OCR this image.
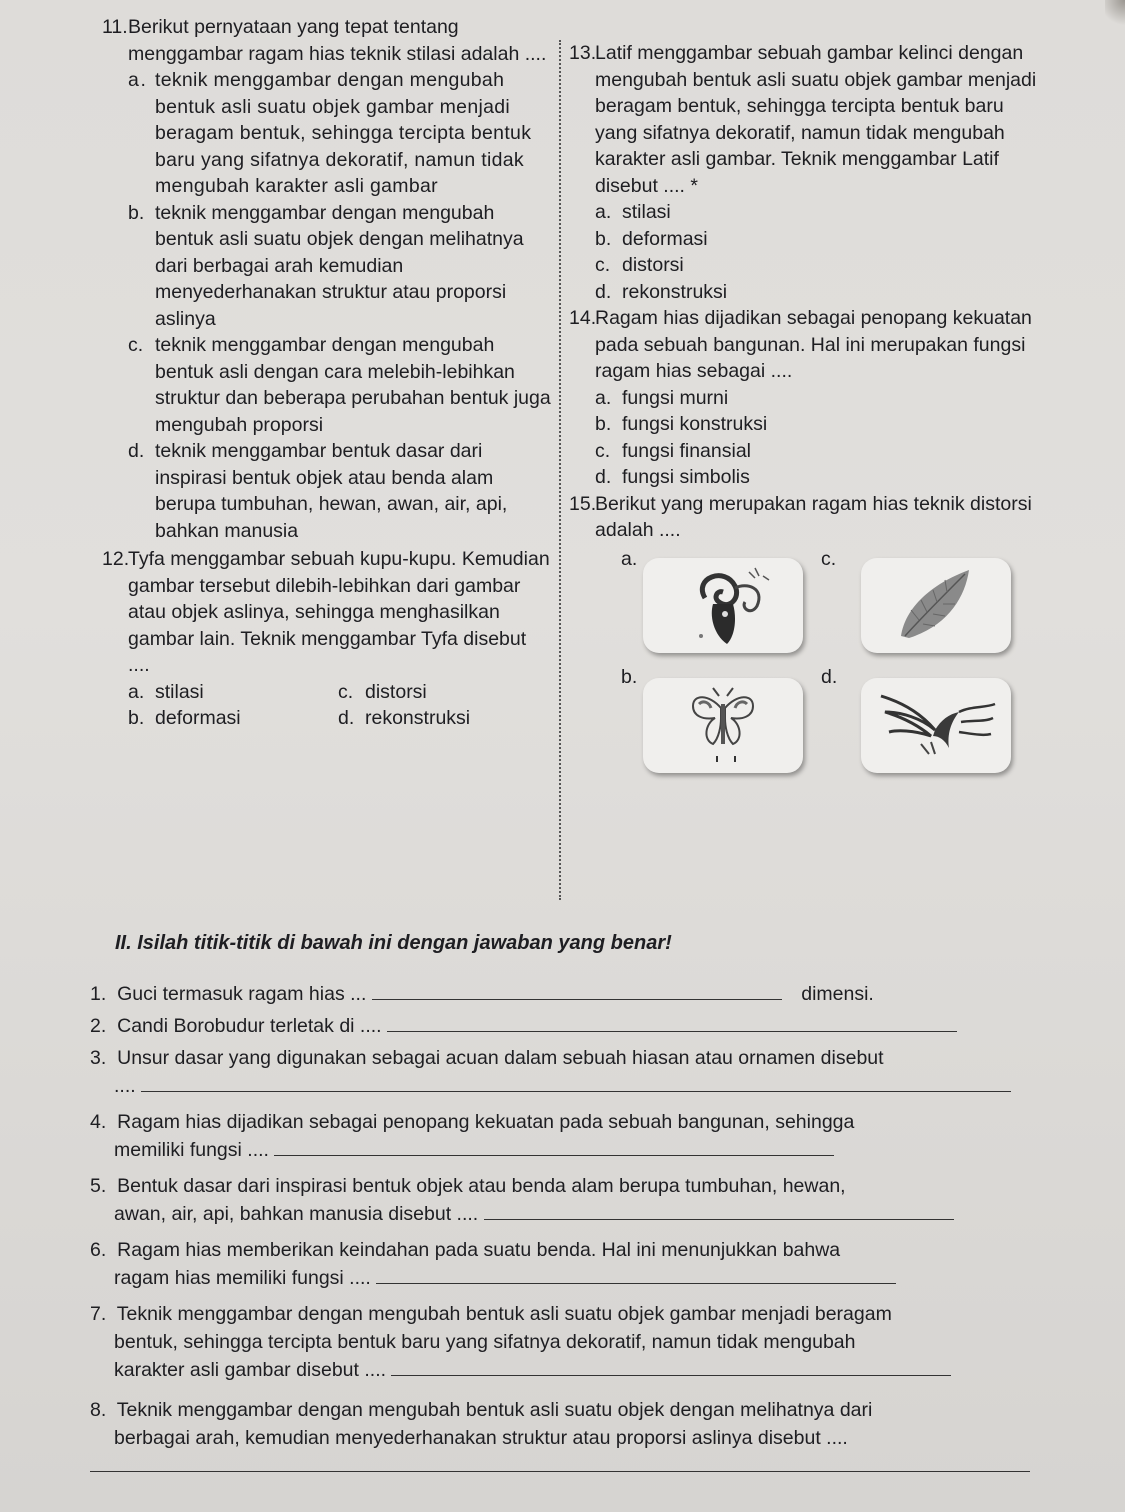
11. Berikut pernyataan yang tepat tentang menggambar ragam hias teknik stilasi adalah ....
a. teknik menggambar dengan mengubah bentuk asli suatu objek gambar menjadi beragam bentuk, sehingga tercipta bentuk baru yang sifatnya dekoratif, namun tidak mengubah karakter asli gambar
b. teknik menggambar dengan mengubah bentuk asli suatu objek dengan melihatnya dari berbagai arah kemudian menyederhanakan struktur atau proporsi aslinya
c. teknik menggambar dengan mengubah bentuk asli dengan cara melebih-lebihkan struktur dan beberapa perubahan bentuk juga mengubah proporsi
d. teknik menggambar bentuk dasar dari inspirasi bentuk objek atau benda alam berupa tumbuhan, hewan, awan, air, api, bahkan manusia
12.
Tyfa menggambar sebuah kupu-kupu. Kemudian gambar tersebut dilebih-lebihkan dari gambar atau objek aslinya, sehingga menghasilkan gambar lain. Teknik menggambar Tyfa disebut ....
a. stilasi	c. distorsi
b. deformasi	d. rekonstruksi
13.
Latif menggambar sebuah gambar kelinci dengan mengubah bentuk asli suatu objek gambar menjadi beragam bentuk, sehingga tercipta bentuk baru yang sifatnya dekoratif, namun tidak mengubah karakter asli gambar. Teknik menggambar Latif disebut .... *
a. stilasi
b. deformasi
c. distorsi
d. rekonstruksi
14.
Ragam hias dijadikan sebagai penopang kekuatan pada sebuah bangunan. Hal ini merupakan fungsi ragam hias sebagai ....
a. fungsi murni
b. fungsi konstruksi
c. fungsi finansial
d. fungsi simbolis
15.
Berikut yang merupakan ragam hias teknik distorsi adalah ....
a.	c.
b.	d.
II. Isilah titik-titik di bawah ini dengan jawaban yang benar!
1. Guci termasuk ragam hias ...	dimensi.
2. Candi Borobudur terletak di ....
3. Unsur dasar yang digunakan sebagai acuan dalam sebuah hiasan atau ornamen disebut
....
4. Ragam hias dijadikan sebagai penopang kekuatan pada sebuah bangunan, sehingga
memiliki fungsi ....
5. Bentuk dasar dari inspirasi bentuk objek atau benda alam berupa tumbuhan, hewan,
awan, air, api, bahkan manusia disebut ....
6. Ragam hias memberikan keindahan pada suatu benda. Hal ini menunjukkan bahwa
ragam hias memiliki fungsi ....
7. Teknik menggambar dengan mengubah bentuk asli suatu objek gambar menjadi beragam
bentuk, sehingga tercipta bentuk baru yang sifatnya dekoratif, namun tidak mengubah
karakter asli gambar disebut ....
8. Teknik menggambar dengan mengubah bentuk asli suatu objek dengan melihatnya dari
berbagai arah, kemudian menyederhanakan struktur atau proporsi aslinya disebut ....
